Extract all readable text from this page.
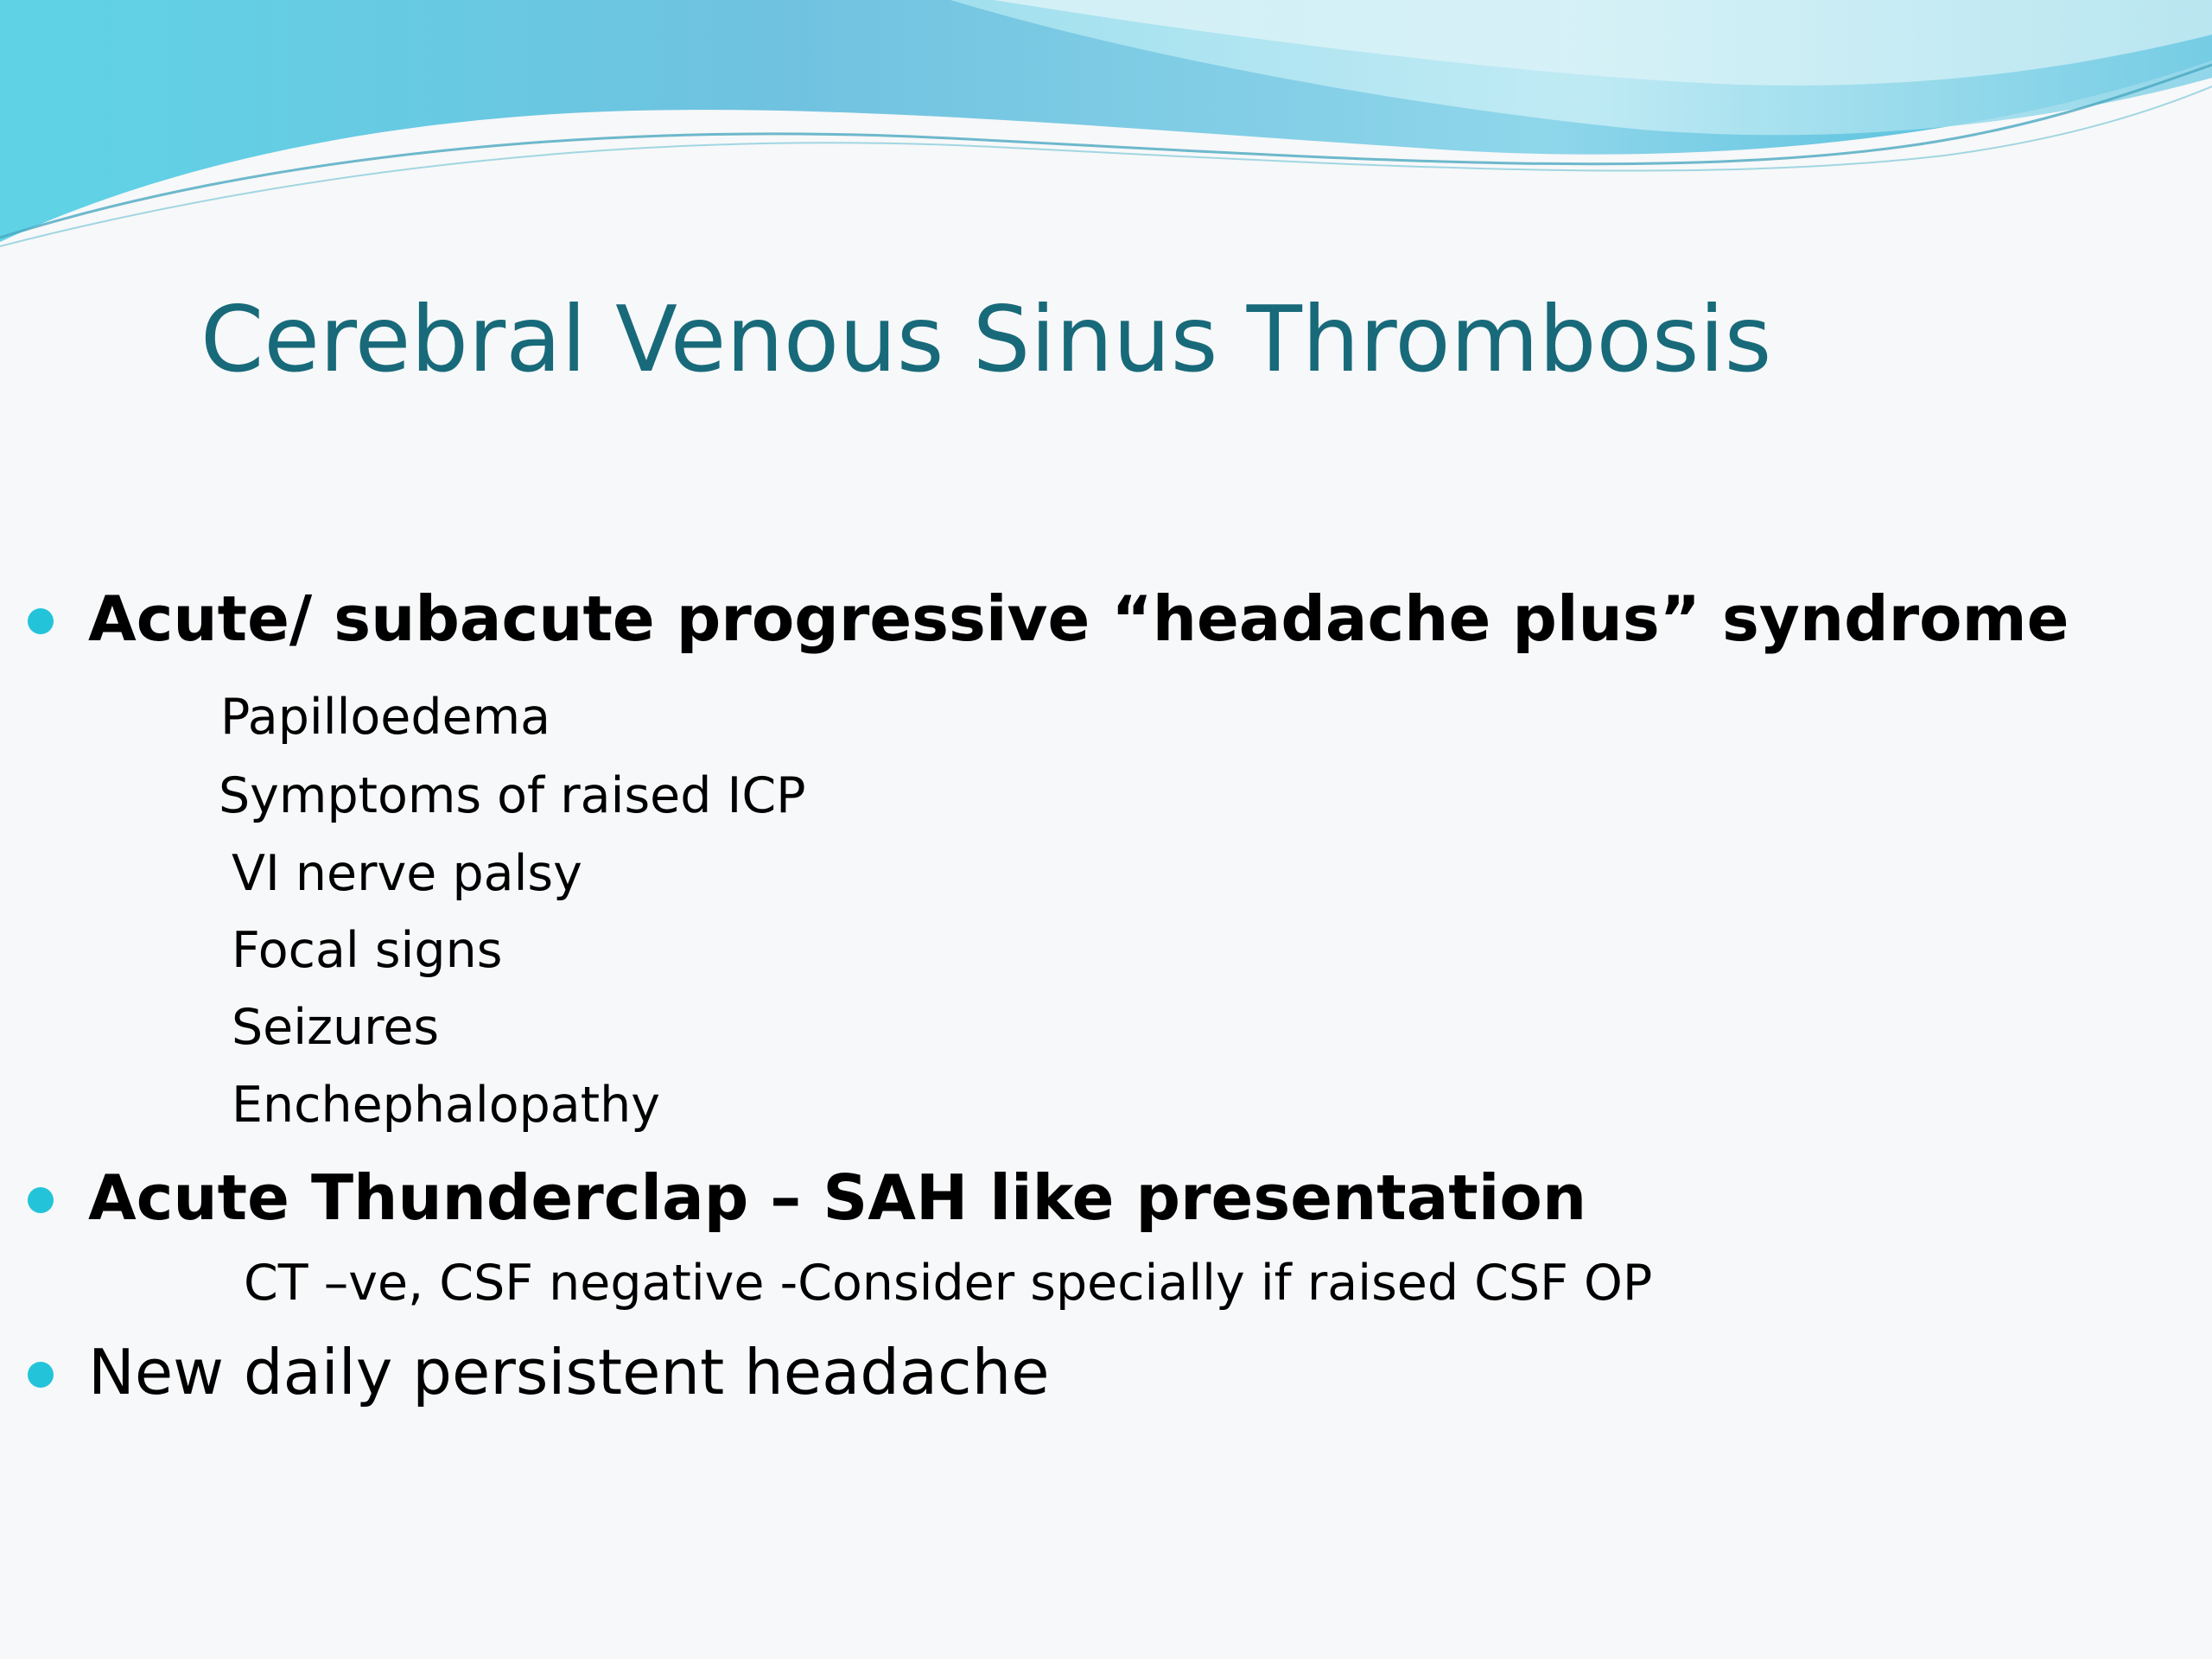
Cerebral Venous Sinus Thrombosis
Acute/ subacute progressive “headache plus” syndrome
Papilloedema
Symptoms of raised ICP
VI nerve palsy
Focal signs
Seizures
Enchephalopathy
Acute Thunderclap – SAH like presentation
CT –ve, CSF negative -Consider specially if raised CSF OP
New daily persistent headache
